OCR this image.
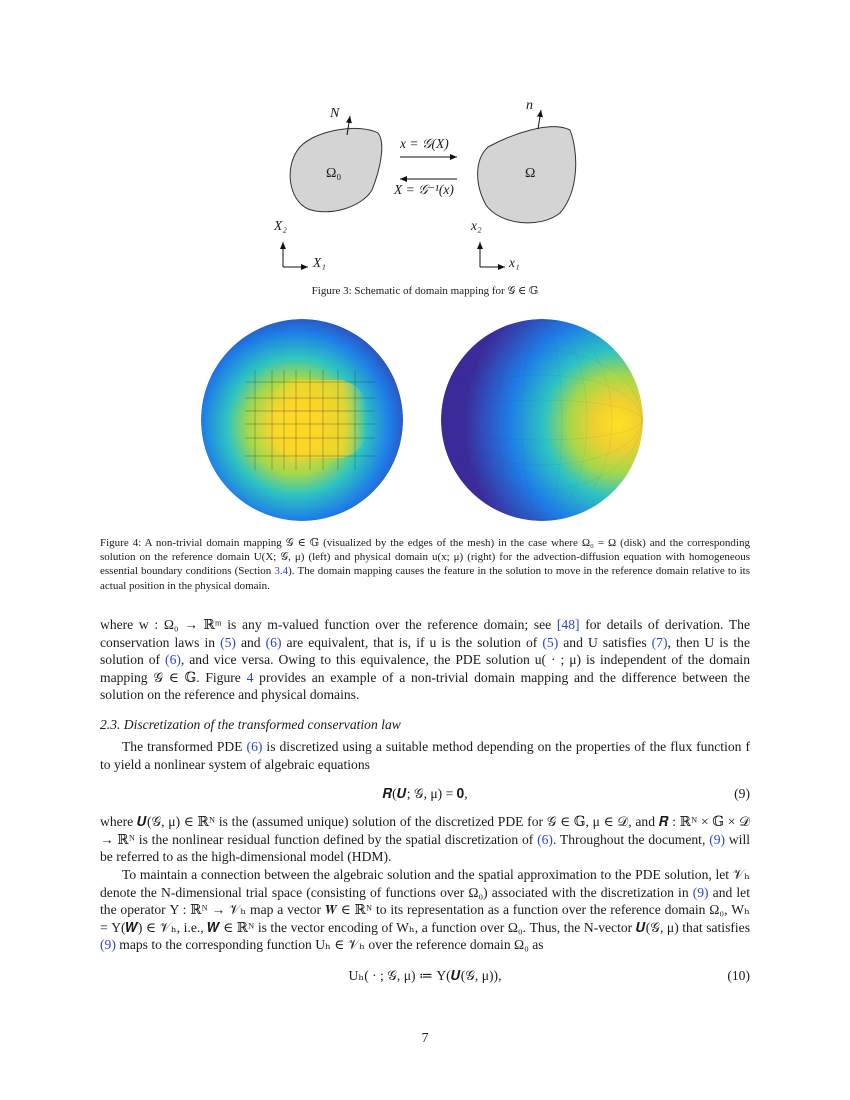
N
n
Ω₀	Ω
x = 𝒢(X)
X = 𝒢⁻¹(x)
X₂
X₁
x₂
x₁
Figure 3: Schematic of domain mapping for 𝒢 ∈ 𝔾
Figure 4: A non-trivial domain mapping 𝒢 ∈ 𝔾 (visualized by the edges of the mesh) in the case where Ω₀ = Ω (disk) and the corresponding solution on the reference domain U(X; 𝒢, μ) (left) and physical domain u(x; μ) (right) for the advection-diffusion equation with homogeneous essential boundary conditions (Section 3.4). The domain mapping causes the feature in the solution to move in the reference domain relative to its actual position in the physical domain.

where w : Ω₀ → ℝᵐ is any m-valued function over the reference domain; see [48] for details of derivation. The conservation laws in (5) and (6) are equivalent, that is, if u is the solution of (5) and U satisfies (7), then U is the solution of (6), and vice versa. Owing to this equivalence, the PDE solution u( · ; μ) is independent of the domain mapping 𝒢 ∈ 𝔾. Figure 4 provides an example of a non-trivial domain mapping and the difference between the solution on the reference and physical domains.

2.3. Discretization of the transformed conservation law

The transformed PDE (6) is discretized using a suitable method depending on the properties of the flux function f to yield a nonlinear system of algebraic equations

𝑹(𝑼; 𝒢, μ) = 𝟎,	(9)

where 𝑼(𝒢, μ) ∈ ℝᴺ is the (assumed unique) solution of the discretized PDE for 𝒢 ∈ 𝔾, μ ∈ 𝒟, and 𝑹 : ℝᴺ × 𝔾 × 𝒟 → ℝᴺ is the nonlinear residual function defined by the spatial discretization of (6). Throughout the document, (9) will be referred to as the high-dimensional model (HDM).

To maintain a connection between the algebraic solution and the spatial approximation to the PDE solution, let 𝒱ₕ denote the N-dimensional trial space (consisting of functions over Ω₀) associated with the discretization in (9) and let the operator Υ : ℝᴺ → 𝒱ₕ map a vector 𝑾 ∈ ℝᴺ to its representation as a function over the reference domain Ω₀, Wₕ = Υ(𝑾) ∈ 𝒱ₕ, i.e., 𝑾 ∈ ℝᴺ is the vector encoding of Wₕ, a function over Ω₀. Thus, the N-vector 𝑼(𝒢, μ) that satisfies (9) maps to the corresponding function Uₕ ∈ 𝒱ₕ over the reference domain Ω₀ as

Uₕ( · ; 𝒢, μ) ≔ Υ(𝑼(𝒢, μ)),	(10)
7
